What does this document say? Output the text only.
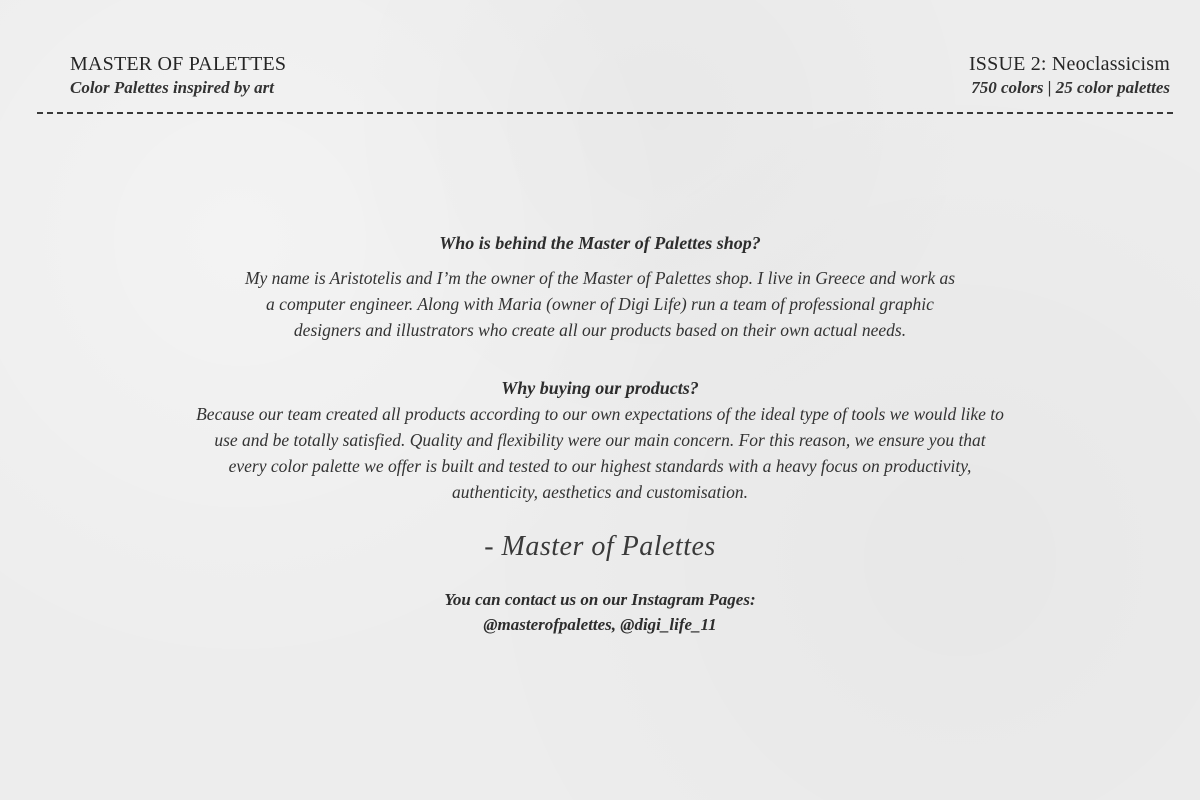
MASTER OF PALETTES
Color Palettes inspired by art
ISSUE 2: Neoclassicism
750 colors | 25 color palettes

Who is behind the Master of Palettes shop?

My name is Aristotelis and I’m the owner of the Master of Palettes shop. I live in Greece and work as

a computer engineer. Along with Maria (owner of Digi Life) run a team of professional graphic

designers and illustrators who create all our products based on their own actual needs.

Why buying our products?

Because our team created all products according to our own expectations of the ideal type of tools we would like to

use and be totally satisfied. Quality and flexibility were our main concern. For this reason, we ensure you that

every color palette we offer is built and tested to our highest standards with a heavy focus on productivity,

authenticity, aesthetics and customisation.

- Master of Palettes

You can contact us on our Instagram Pages:

@masterofpalettes, @digi_life_11
